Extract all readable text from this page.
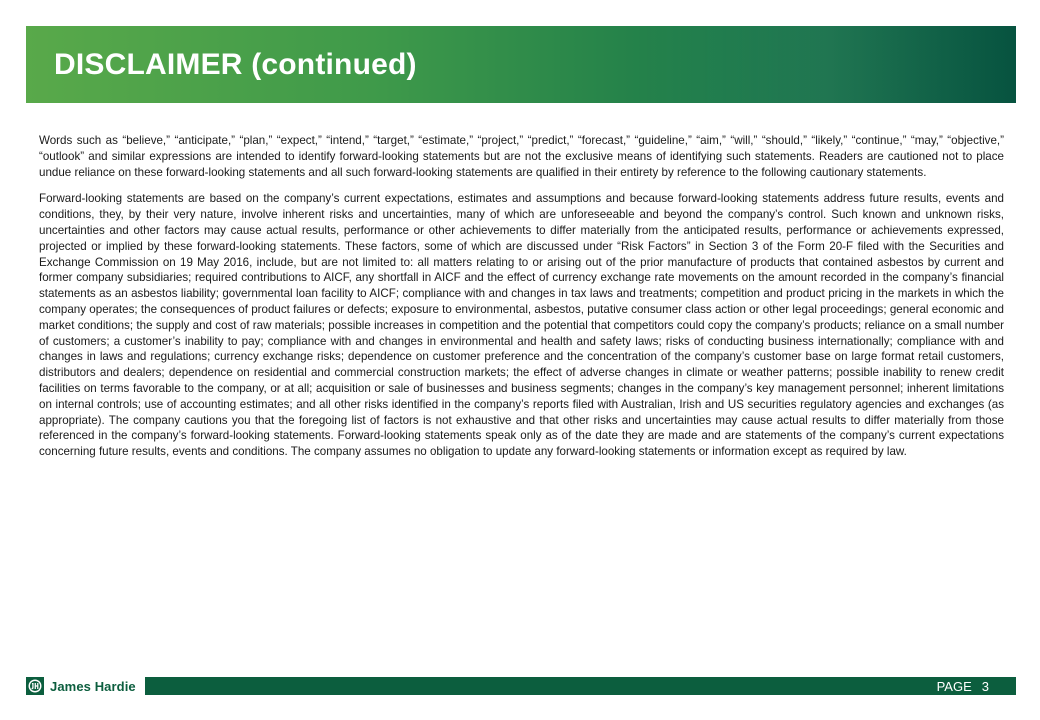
DISCLAIMER (continued)

Words such as “believe,” “anticipate,” “plan,” “expect,” “intend,” “target,” “estimate,” “project,” “predict,” “forecast,” “guideline,” “aim,” “will,” “should,” “likely,” “continue,” “may,” “objective,” “outlook” and similar expressions are intended to identify forward-looking statements but are not the exclusive means of identifying such statements. Readers are cautioned not to place undue reliance on these forward-looking statements and all such forward-looking statements are qualified in their entirety by reference to the following cautionary statements.

Forward-looking statements are based on the company’s current expectations, estimates and assumptions and because forward-looking statements address future results, events and conditions, they, by their very nature, involve inherent risks and uncertainties, many of which are unforeseeable and beyond the company’s control. Such known and unknown risks, uncertainties and other factors may cause actual results, performance or other achievements to differ materially from the anticipated results, performance or achievements expressed, projected or implied by these forward-looking statements. These factors, some of which are discussed under “Risk Factors” in Section 3 of the Form 20-F filed with the Securities and Exchange Commission on 19 May 2016, include, but are not limited to: all matters relating to or arising out of the prior manufacture of products that contained asbestos by current and former company subsidiaries; required contributions to AICF, any shortfall in AICF and the effect of currency exchange rate movements on the amount recorded in the company’s financial statements as an asbestos liability; governmental loan facility to AICF; compliance with and changes in tax laws and treatments; competition and product pricing in the markets in which the company operates; the consequences of product failures or defects; exposure to environmental, asbestos, putative consumer class action or other legal proceedings; general economic and market conditions; the supply and cost of raw materials; possible increases in competition and the potential that competitors could copy the company’s products; reliance on a small number of customers; a customer’s inability to pay; compliance with and changes in environmental and health and safety laws; risks of conducting business internationally; compliance with and changes in laws and regulations; currency exchange risks; dependence on customer preference and the concentration of the company’s customer base on large format retail customers, distributors and dealers; dependence on residential and commercial construction markets; the effect of adverse changes in climate or weather patterns; possible inability to renew credit facilities on terms favorable to the company, or at all; acquisition or sale of businesses and business segments; changes in the company’s key management personnel; inherent limitations on internal controls; use of accounting estimates; and all other risks identified in the company’s reports filed with Australian, Irish and US securities regulatory agencies and exchanges (as appropriate). The company cautions you that the foregoing list of factors is not exhaustive and that other risks and uncertainties may cause actual results to differ materially from those referenced in the company’s forward-looking statements. Forward-looking statements speak only as of the date they are made and are statements of the company’s current expectations concerning future results, events and conditions. The company assumes no obligation to update any forward-looking statements or information except as required by law.

James Hardie	PAGE 3
